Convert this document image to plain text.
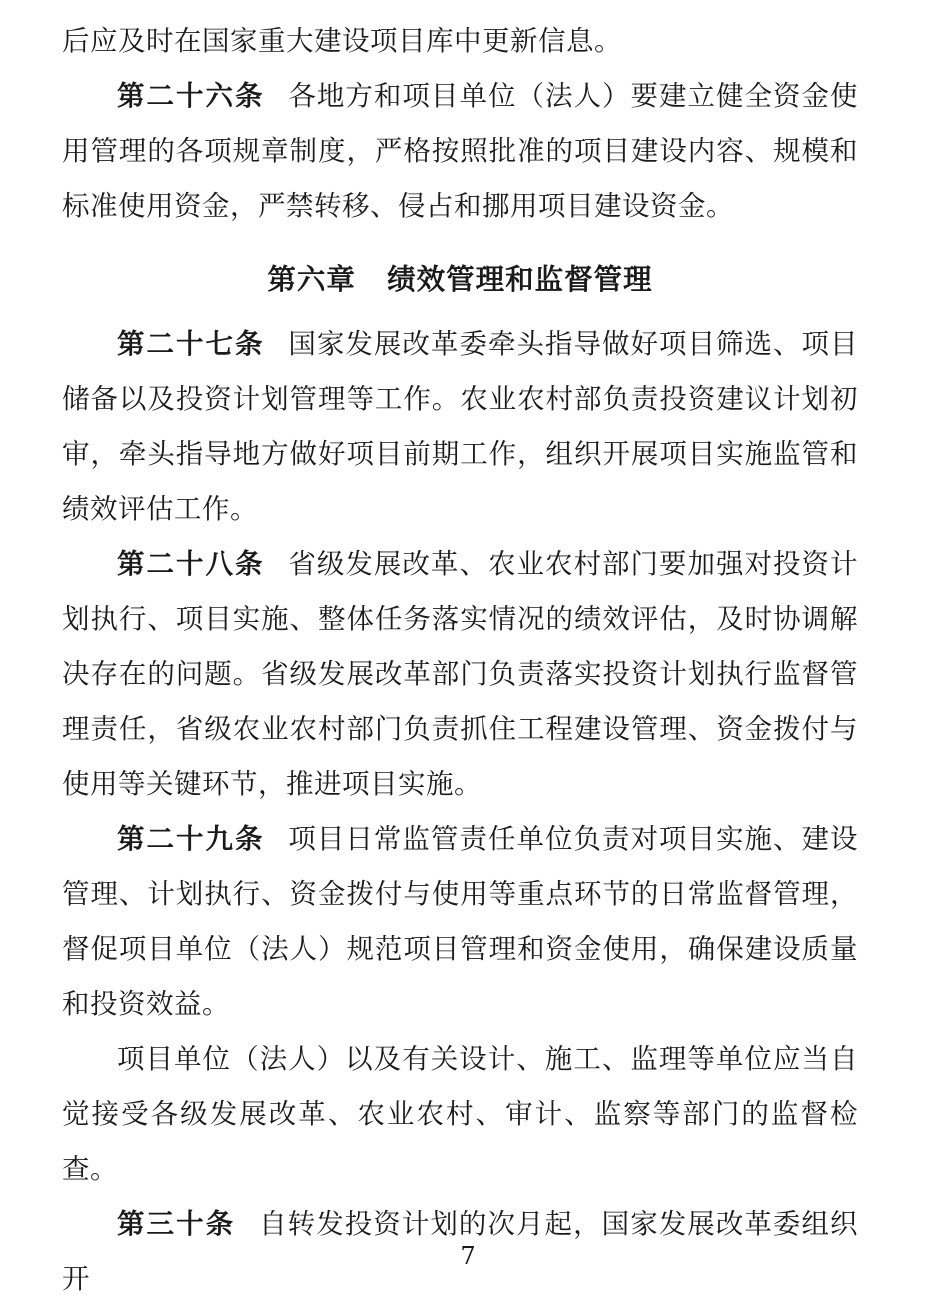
后应及时在国家重大建设项目库中更新信息。

第二十六条 各地方和项目单位（法人）要建立健全资金使用管理的各项规章制度，严格按照批准的项目建设内容、规模和标准使用资金，严禁转移、侵占和挪用项目建设资金。

第六章 绩效管理和监督管理

第二十七条 国家发展改革委牵头指导做好项目筛选、项目储备以及投资计划管理等工作。农业农村部负责投资建议计划初审，牵头指导地方做好项目前期工作，组织开展项目实施监管和绩效评估工作。

第二十八条 省级发展改革、农业农村部门要加强对投资计划执行、项目实施、整体任务落实情况的绩效评估，及时协调解决存在的问题。省级发展改革部门负责落实投资计划执行监督管理责任，省级农业农村部门负责抓住工程建设管理、资金拨付与使用等关键环节，推进项目实施。

第二十九条 项目日常监管责任单位负责对项目实施、建设管理、计划执行、资金拨付与使用等重点环节的日常监督管理，督促项目单位（法人）规范项目管理和资金使用，确保建设质量和投资效益。

项目单位（法人）以及有关设计、施工、监理等单位应当自觉接受各级发展改革、农业农村、审计、监察等部门的监督检查。

第三十条 自转发投资计划的次月起，国家发展改革委组织开

7
